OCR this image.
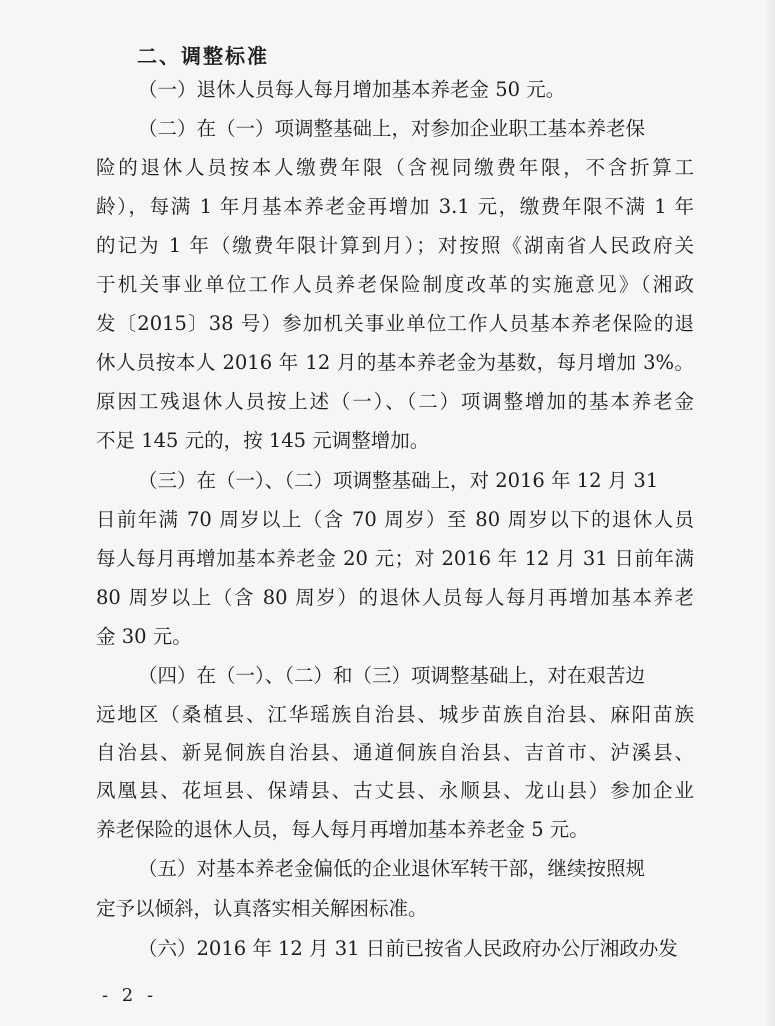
二、调整标准
（一）退休人员每人每月增加基本养老金 50 元。
（二）在（一）项调整基础上，对参加企业职工基本养老保
险的退休人员按本人缴费年限（含视同缴费年限，不含折算工
龄），每满 1 年月基本养老金再增加 3.1 元，缴费年限不满 1 年
的记为 1 年（缴费年限计算到月）；对按照《湖南省人民政府关
于机关事业单位工作人员养老保险制度改革的实施意见》（湘政
发〔2015〕38 号）参加机关事业单位工作人员基本养老保险的退
休人员按本人 2016 年 12 月的基本养老金为基数，每月增加 3%。
原因工残退休人员按上述（一）、（二）项调整增加的基本养老金
不足 145 元的，按 145 元调整增加。
（三）在（一）、（二）项调整基础上，对 2016 年 12 月 31
日前年满 70 周岁以上（含 70 周岁）至 80 周岁以下的退休人员
每人每月再增加基本养老金 20 元；对 2016 年 12 月 31 日前年满
80 周岁以上（含 80 周岁）的退休人员每人每月再增加基本养老
金 30 元。
（四）在（一）、（二）和（三）项调整基础上，对在艰苦边
远地区（桑植县、江华瑶族自治县、城步苗族自治县、麻阳苗族
自治县、新晃侗族自治县、通道侗族自治县、吉首市、泸溪县、
凤凰县、花垣县、保靖县、古丈县、永顺县、龙山县）参加企业
养老保险的退休人员，每人每月再增加基本养老金 5 元。
（五）对基本养老金偏低的企业退休军转干部，继续按照规
定予以倾斜，认真落实相关解困标准。
（六）2016 年 12 月 31 日前已按省人民政府办公厅湘政办发
- 2 -
